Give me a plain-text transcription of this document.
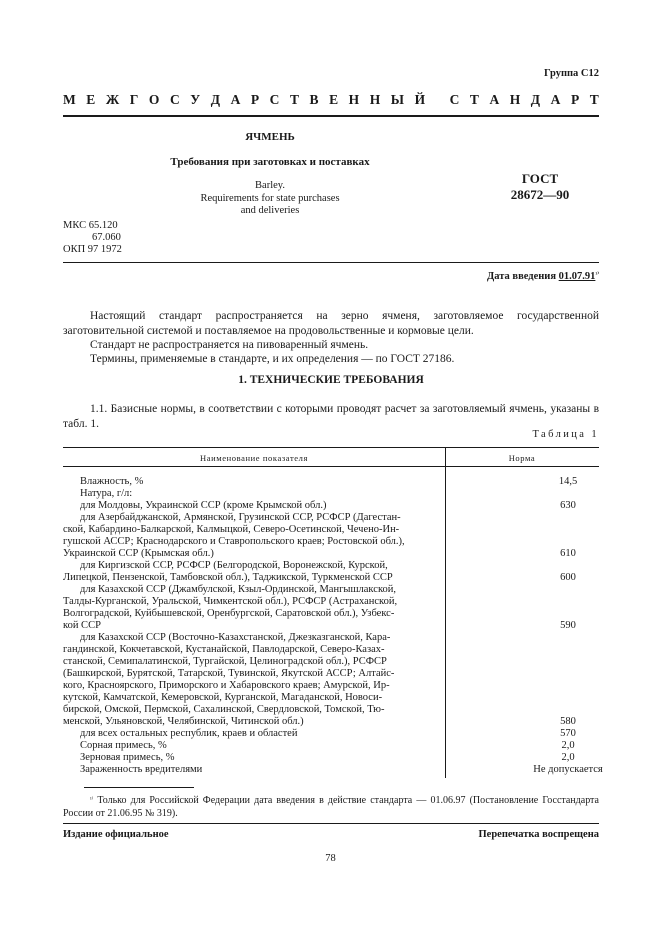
Группа С12
М Е Ж Г О С У Д А Р С Т В Е Н Н Ы Й
С Т А Н Д А Р Т
ЯЧМЕНЬ
Требования при заготовках и поставках
Barley.
Requirements for state purchases
and deliveries
ГОСТ
28672—90
МКС 65.120
67.060
ОКП 97 1972
Дата введения $01.07.91^{^{1)}}$
Настоящий стандарт распространяется на зерно ячменя, заготовляемое государственной заготовительной системой и поставляемое на продовольственные и кормовые цели.
Стандарт не распространяется на пивоваренный ячмень.
Термины, применяемые в стандарте, и их определения — по ГОСТ 27186.
1. ТЕХНИЧЕСКИЕ ТРЕБОВАНИЯ
1.1. Базисные нормы, в соответствии с которыми проводят расчет за заготовляемый ячмень, указаны в табл. 1.
Таблица 1
Наименование показателя	Норма
Влажность, %	14,5
Натура, г/л:
для Молдовы, Украинской ССР (кроме Крымской обл.)	630
для Азербайджанской, Армянской, Грузинской ССР, РСФСР (Дагестан-
ской, Кабардино-Балкарской, Калмыцкой, Северо-Осетинской, Чечено-Ин-
гушской АССР; Краснодарского и Ставропольского краев; Ростовской обл.),
Украинской ССР (Крымская обл.)	610
для Киргизской ССР, РСФСР (Белгородской, Воронежской, Курской,
Липецкой, Пензенской, Тамбовской обл.), Таджикской, Туркменской ССР	600
для Казахской ССР (Джамбулской, Кзыл-Ординской, Мангышлакской,
Талды-Курганской, Уральской, Чимкентской обл.), РСФСР (Астраханской,
Волгоградской, Куйбышевской, Оренбургской, Саратовской обл.), Узбекс-
кой ССР	590
для Казахской ССР (Восточно-Казахстанской, Джезказганской, Кара-
гандинской, Кокчетавской, Кустанайской, Павлодарской, Северо-Казах-
станской, Семипалатинской, Тургайской, Целиноградской обл.), РСФСР
(Башкирской, Бурятской, Татарской, Тувинской, Якутской АССР; Алтайс-
кого, Красноярского, Приморского и Хабаровского краев; Амурской, Ир-
кутской, Камчатской, Кемеровской, Курганской, Магаданской, Новоси-
бирской, Омской, Пермской, Сахалинской, Свердловской, Томской, Тю-
менской, Ульяновской, Челябинской, Читинской обл.)	580
для всех остальных республик, краев и областей	570
Сорная примесь, %	2,0
Зерновая примесь, %	2,0
Зараженность вредителями	Не допускается
$^{^{1)}}$ Только для Российской Федерации дата введения в действие стандарта — 01.06.97 (Постановление Госстандарта России от 21.06.95 № 319).
Издание официальное	Перепечатка воспрещена
78
